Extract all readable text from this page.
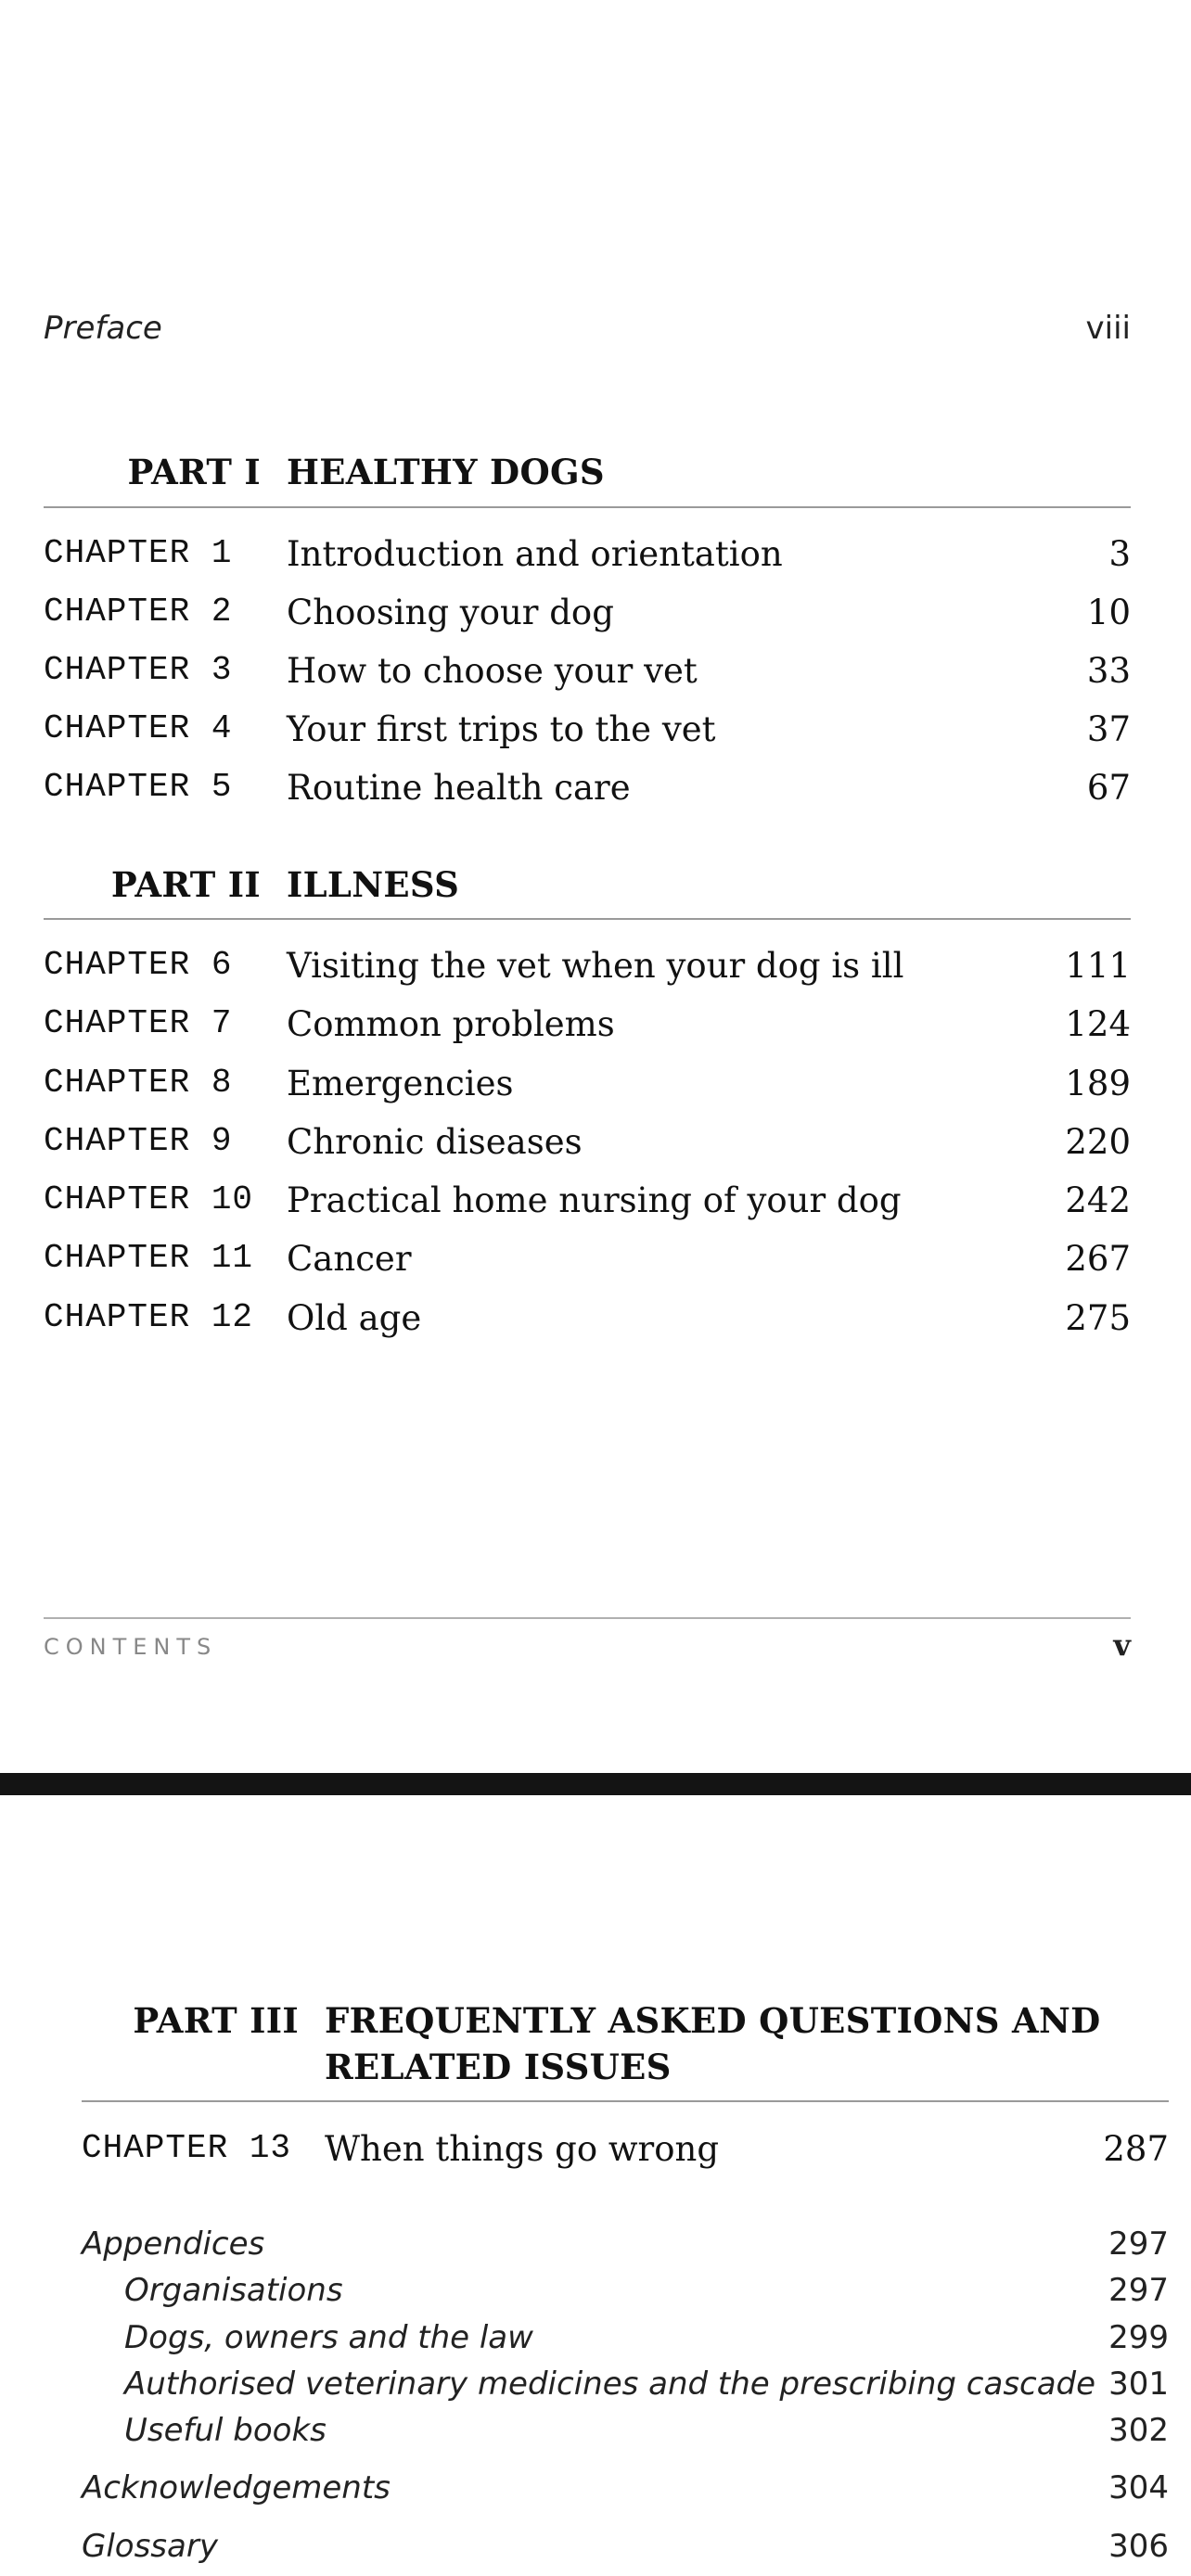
Preface	viii
PART I HEALTHY DOGS
CHAPTER 1 Introduction and orientation	3
CHAPTER 2 Choosing your dog	10
CHAPTER 3 How to choose your vet	33
CHAPTER 4 Your first trips to the vet	37
CHAPTER 5 Routine health care	67
PART II ILLNESS
CHAPTER 6 Visiting the vet when your dog is ill	111
CHAPTER 7 Common problems	124
CHAPTER 8 Emergencies	189
CHAPTER 9 Chronic diseases	220
CHAPTER 10 Practical home nursing of your dog	242
CHAPTER 11 Cancer	267
CHAPTER 12 Old age	275
CONTENTS	v
PART III FREQUENTLY ASKED QUESTIONS AND
RELATED ISSUES
CHAPTER 13 When things go wrong	287
Appendices	297
Organisations	297
Dogs, owners and the law	299
Authorised veterinary medicines and the prescribing cascade 301
Useful books	302
Acknowledgements	304
Glossary	306
